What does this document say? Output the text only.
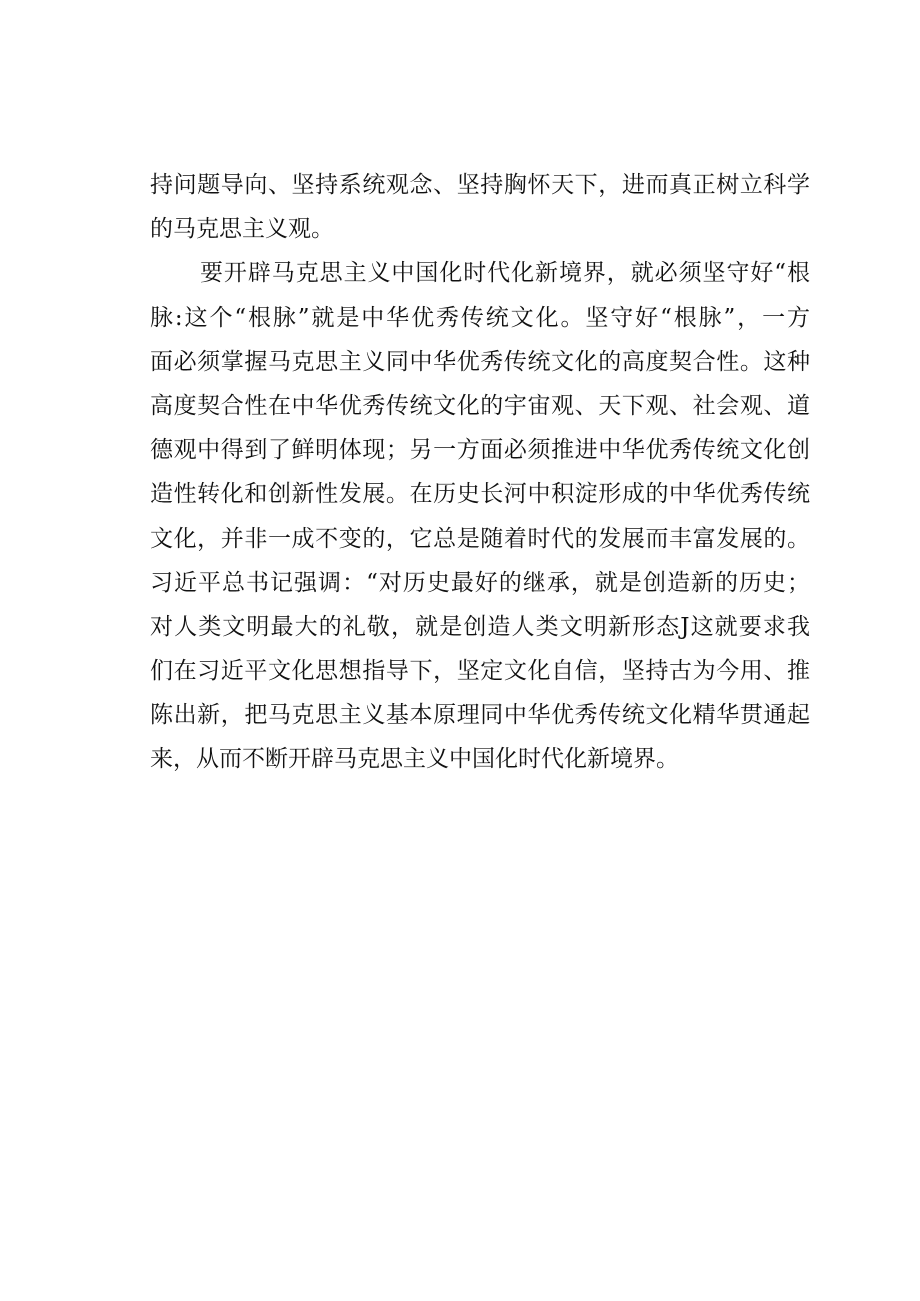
持问题导向、坚持系统观念、坚持胸怀天下，进而真正树立科学
的马克思主义观。
要开辟马克思主义中国化时代化新境界，就必须坚守好“根
脉:这个“根脉”就是中华优秀传统文化。坚守好“根脉”，一方
面必须掌握马克思主义同中华优秀传统文化的高度契合性。这种
高度契合性在中华优秀传统文化的宇宙观、天下观、社会观、道
德观中得到了鲜明体现；另一方面必须推进中华优秀传统文化创
造性转化和创新性发展。在历史长河中积淀形成的中华优秀传统
文化，并非一成不变的，它总是随着时代的发展而丰富发展的。
习近平总书记强调：“对历史最好的继承，就是创造新的历史；
对人类文明最大的礼敬，就是创造人类文明新形态J这就要求我
们在习近平文化思想指导下，坚定文化自信，坚持古为今用、推
陈出新，把马克思主义基本原理同中华优秀传统文化精华贯通起
来，从而不断开辟马克思主义中国化时代化新境界。
